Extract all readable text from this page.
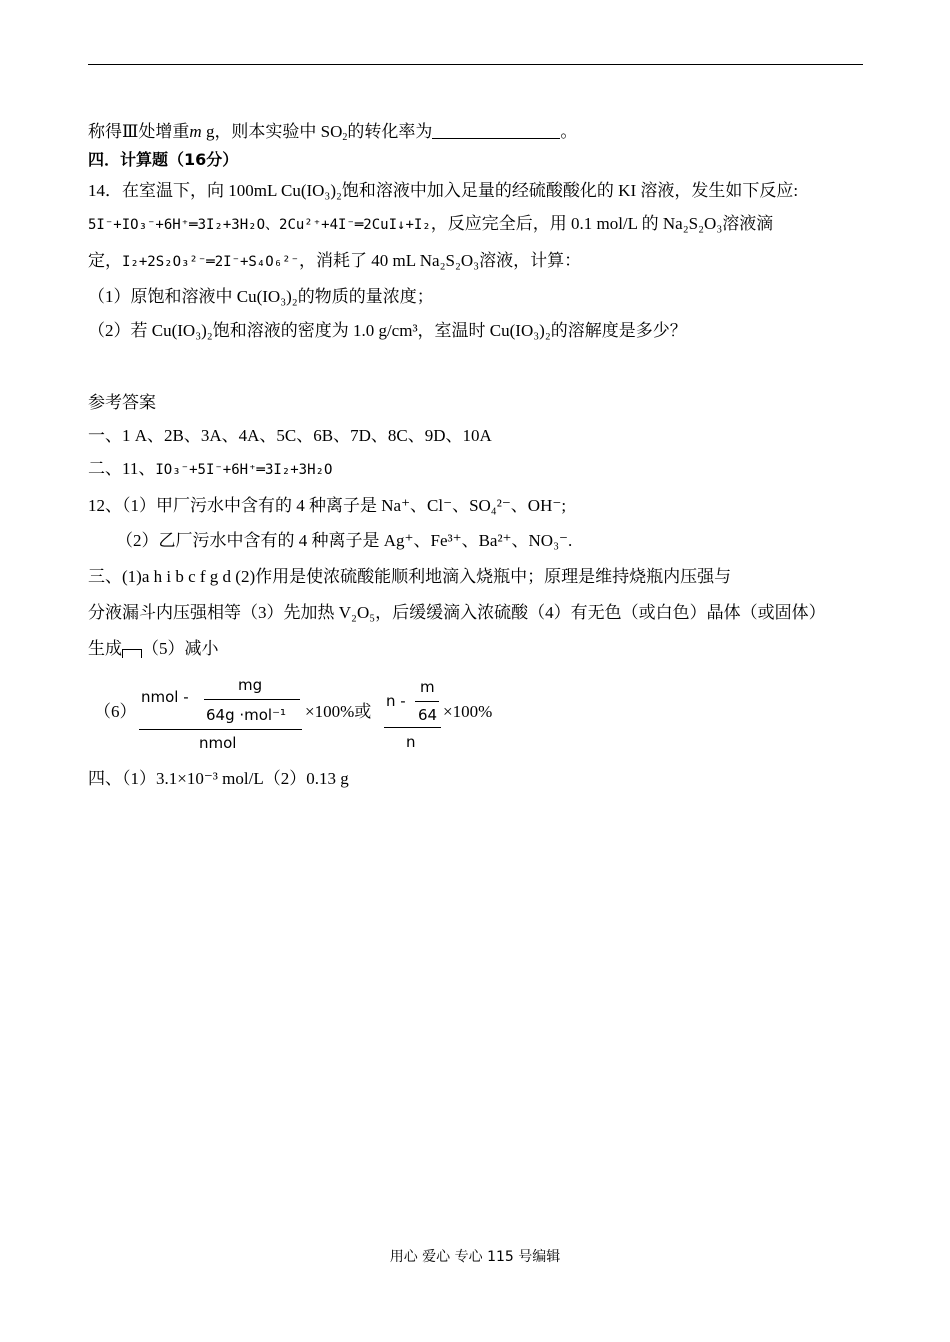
称得Ⅲ处增重m g，则本实验中 $SO_2$的转化率为	。
四．计算题（16分）
14．在室温下，向 100mL Cu(IO₃)₂饱和溶液中加入足量的经硫酸酸化的 KI 溶液，发生如下反应:
5I⁻+IO₃⁻+6H⁺═3I₂+3H₂O、2Cu²⁺+4I⁻═2CuI↓+I₂，反应完全后，用 0.1 mol/L 的 Na₂S₂O₃溶液滴
定，I₂+2S₂O₃²⁻═2I⁻+S₄O₆²⁻，消耗了 40 mL Na₂S₂O₃溶液，计算：
（1）原饱和溶液中 Cu(IO₃)₂的物质的量浓度；
（2）若 Cu(IO₃)₂饱和溶液的密度为 1.0 g/cm³，室温时 Cu(IO₃)₂的溶解度是多少？
参考答案
一、1 A、2B、3A、4A、5C、6B、7D、8C、9D、10A
二、11、IO₃⁻+5I⁻+6H⁺═3I₂+3H₂O
12、（1）甲厂污水中含有的 4 种离子是 Na⁺、Cl⁻、SO₄²⁻、OH⁻;
（2）乙厂污水中含有的 4 种离子是 Ag⁺、Fe³⁺、Ba²⁺、NO₃⁻.
三、(1)a h i b c f g d (2)作用是使浓硫酸能顺利地滴入烧瓶中；原理是维持烧瓶内压强与
分液漏斗内压强相等（3）先加热 V₂O₅，后缓缓滴入浓硫酸（4）有无色（或白色）晶体（或固体）
生成 （5）减小
（6）
nmol -
mg
64g ·mol⁻¹
nmol
×100%或
n -
m
64
n
×100%
四、（1）3.1×10⁻³ mol/L（2）0.13 g
用心 爱心 专心 115 号编辑
